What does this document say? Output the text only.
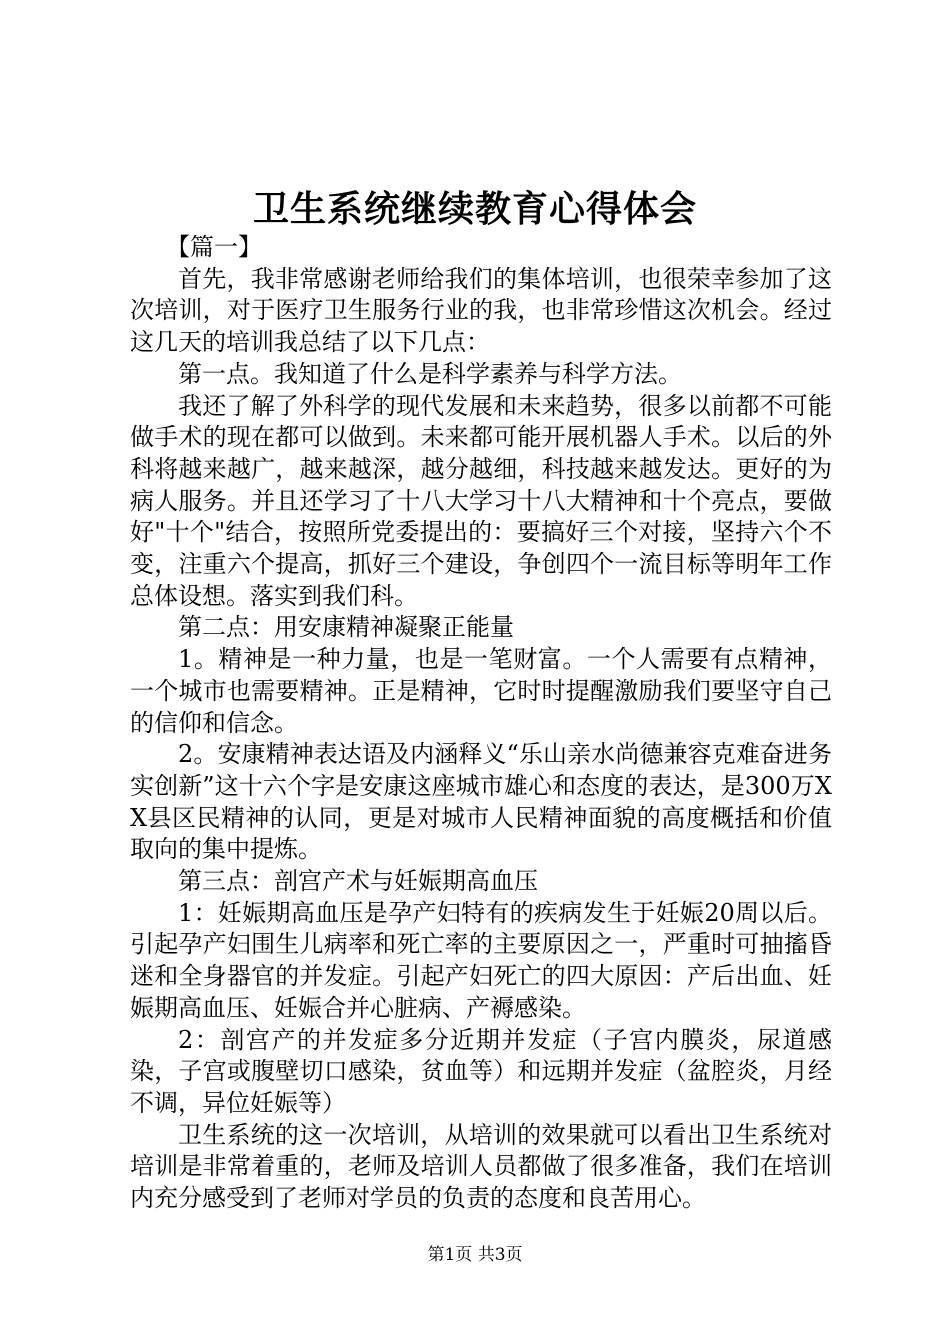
卫生系统继续教育心得体会

【篇一】

首先，我非常感谢老师给我们的集体培训，也很荣幸参加了这次培训，对于医疗卫生服务行业的我，也非常珍惜这次机会。经过这几天的培训我总结了以下几点：

第一点。我知道了什么是科学素养与科学方法。

我还了解了外科学的现代发展和未来趋势，很多以前都不可能做手术的现在都可以做到。未来都可能开展机器人手术。以后的外科将越来越广，越来越深，越分越细，科技越来越发达。更好的为病人服务。并且还学习了十八大学习十八大精神和十个亮点，要做好"十个"结合，按照所党委提出的：要搞好三个对接，坚持六个不变，注重六个提高，抓好三个建设，争创四个一流目标等明年工作总体设想。落实到我们科。

第二点：用安康精神凝聚正能量

1。精神是一种力量，也是一笔财富。一个人需要有点精神，一个城市也需要精神。正是精神，它时时提醒激励我们要坚守自己的信仰和信念。

2。安康精神表达语及内涵释义“乐山亲水尚德兼容克难奋进务实创新”这十六个字是安康这座城市雄心和态度的表达，是300万XX县区民精神的认同，更是对城市人民精神面貌的高度概括和价值取向的集中提炼。

第三点：剖宫产术与妊娠期高血压

1：妊娠期高血压是孕产妇特有的疾病发生于妊娠20周以后。引起孕产妇围生儿病率和死亡率的主要原因之一，严重时可抽搐昏迷和全身器官的并发症。引起产妇死亡的四大原因：产后出血、妊娠期高血压、妊娠合并心脏病、产褥感染。

2：剖宫产的并发症多分近期并发症（子宫内膜炎，尿道感染，子宫或腹壁切口感染，贫血等）和远期并发症（盆腔炎，月经不调，异位妊娠等）

卫生系统的这一次培训，从培训的效果就可以看出卫生系统对培训是非常着重的，老师及培训人员都做了很多准备，我们在培训内充分感受到了老师对学员的负责的态度和良苦用心。

第1页 共3页
